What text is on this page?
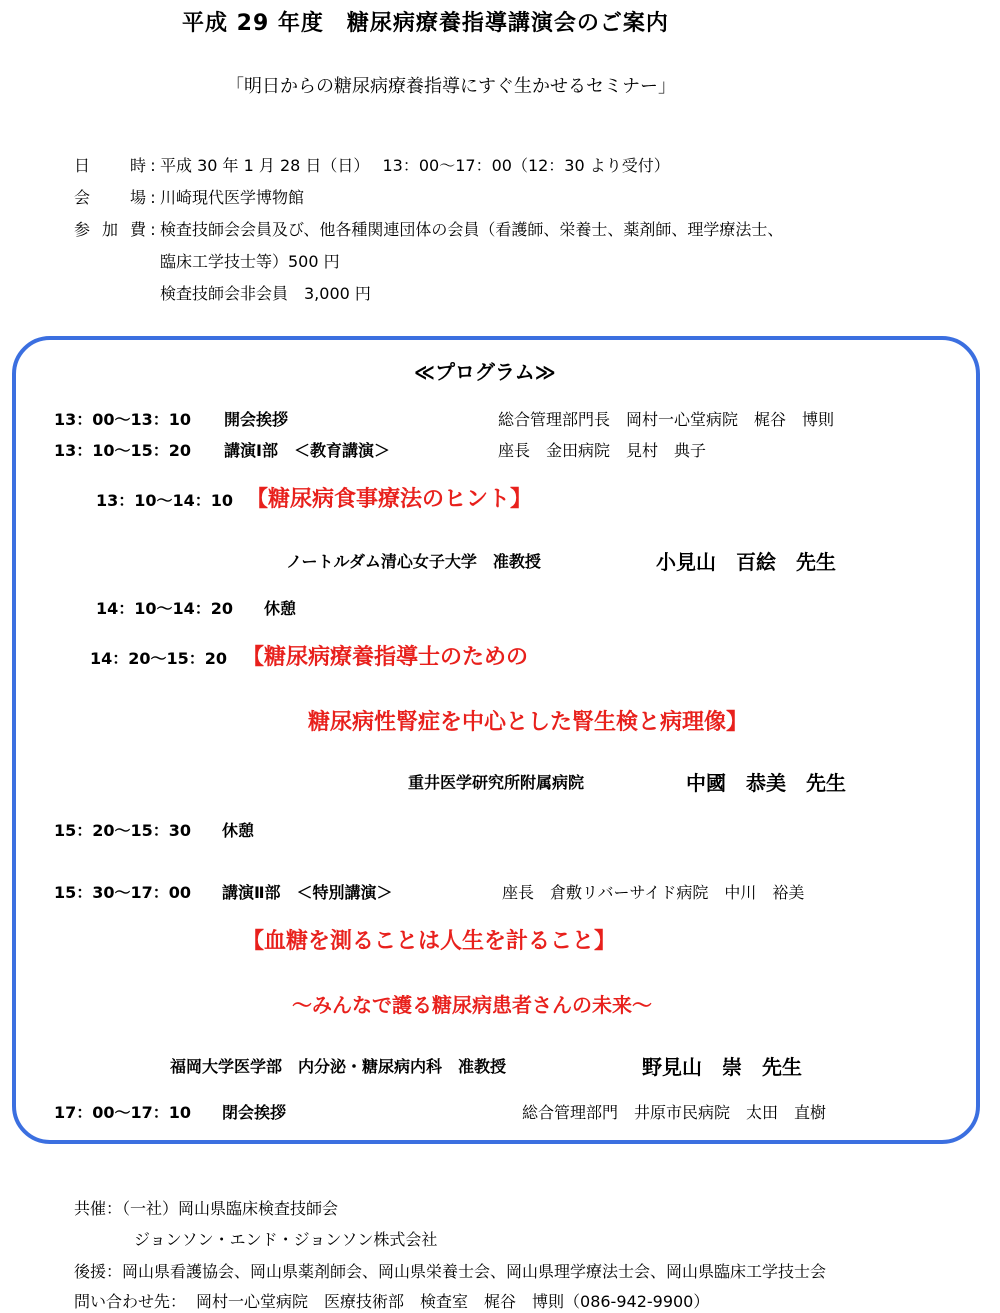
平成 29 年度　糖尿病療養指導講演会のご案内
「明日からの糖尿病療養指導にすぐ生かせるセミナー」
日時 : 平成 30 年 1 月 28 日（日）　 13：00～17：00（12：30 より受付）
会場 : 川崎現代医学博物館
参加費 : 検査技師会会員及び、他各種関連団体の会員（看護師、栄養士、薬剤師、理学療法士、
臨床工学技士等）500 円
検査技師会非会員　3,000 円
≪プログラム≫
13：00～13：10 開会挨拶	総合管理部門長　岡村一心堂病院　梶谷　博則
13：10～15：20 講演Ⅰ部　＜教育講演＞	座長　金田病院　見村　典子
13：10～14：10 【糖尿病食事療法のヒント】
ノートルダム清心女子大学　准教授	小見山　百絵　先生
14：10～14：20 休憩
14：20～15：20 【糖尿病療養指導士のための
糖尿病性腎症を中心とした腎生検と病理像】
重井医学研究所附属病院	中國　恭美　先生
15：20～15：30 休憩
15：30～17：00 講演Ⅱ部　＜特別講演＞	座長　倉敷リバーサイド病院　中川　裕美
【血糖を測ることは人生を計ること】
～みんなで護る糖尿病患者さんの未来～
福岡大学医学部　内分泌・糖尿病内科　准教授	野見山　崇　先生
17：00～17：10 閉会挨拶	総合管理部門　井原市民病院　太田　直樹
共催：（一社）岡山県臨床検査技師会
ジョンソン・エンド・ジョンソン株式会社
後援：岡山県看護協会、岡山県薬剤師会、岡山県栄養士会、岡山県理学療法士会、岡山県臨床工学技士会
問い合わせ先： 岡村一心堂病院　医療技術部　検査室　梶谷　博則（086-942-9900）
